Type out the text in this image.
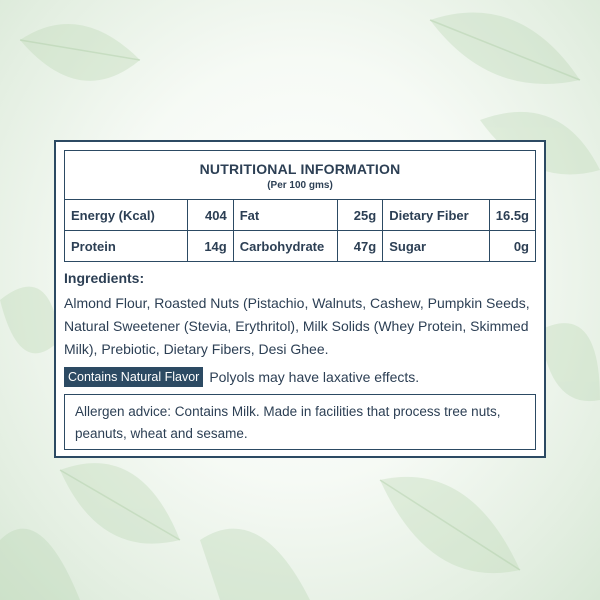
NUTRITIONAL INFORMATION
(Per 100 gms)					

Energy (Kcal)	404	Fat	25g	Dietary Fiber	16.5g
Protein	14g	Carbohydrate	47g	Sugar	0g
Ingredients:
Almond Flour, Roasted Nuts (Pistachio, Walnuts, Cashew, Pumpkin Seeds, Natural Sweetener (Stevia, Erythritol), Milk Solids (Whey Protein, Skimmed Milk), Prebiotic, Dietary Fibers, Desi Ghee.
Contains Natural Flavor Polyols may have laxative effects.
Allergen advice: Contains Milk. Made in facilities that process tree nuts, peanuts, wheat and sesame.
